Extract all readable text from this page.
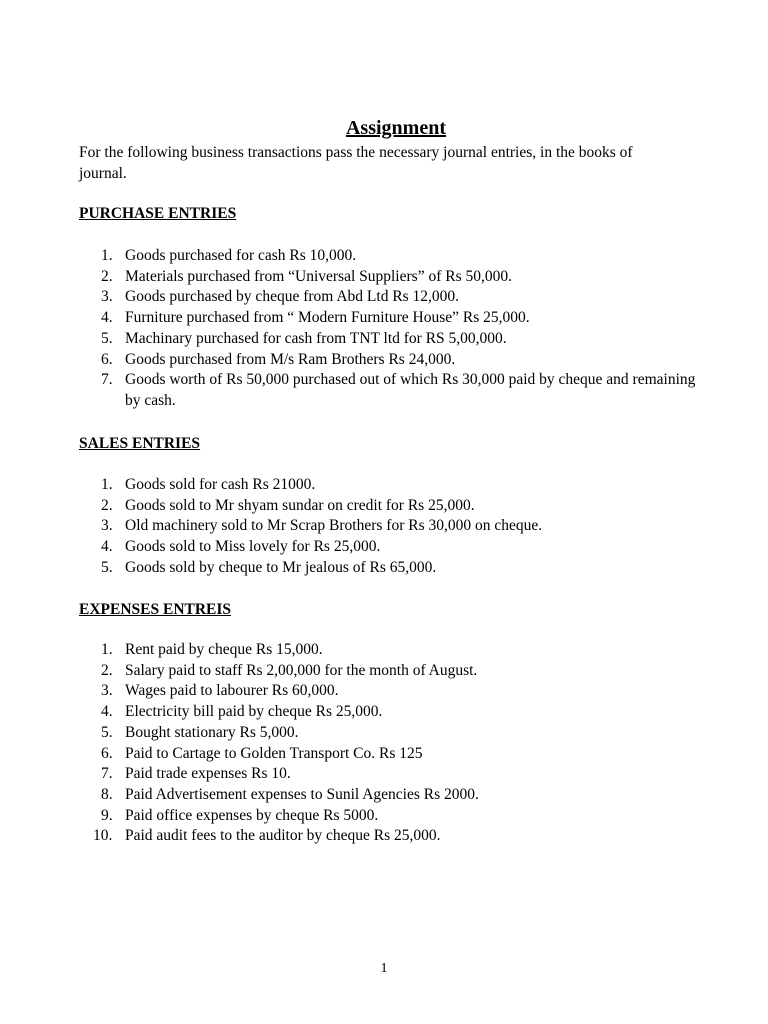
Assignment
For the following business transactions pass the necessary journal entries, in the books of journal.
PURCHASE ENTRIES
1. Goods purchased for cash Rs 10,000.
2. Materials purchased from “Universal Suppliers” of Rs 50,000.
3. Goods purchased by cheque from Abd Ltd Rs 12,000.
4. Furniture purchased from “ Modern Furniture House” Rs 25,000.
5. Machinary purchased for cash from TNT ltd for RS 5,00,000.
6. Goods purchased from M/s Ram Brothers Rs 24,000.
7. Goods worth of Rs 50,000 purchased out of which Rs 30,000 paid by cheque and remaining by cash.
SALES ENTRIES
1. Goods sold for cash Rs 21000.
2. Goods sold to Mr shyam sundar on credit for Rs 25,000.
3. Old machinery sold to Mr Scrap Brothers for Rs 30,000 on cheque.
4. Goods sold to Miss lovely for Rs 25,000.
5. Goods sold by cheque to Mr jealous of Rs 65,000.
EXPENSES ENTREIS
1. Rent paid by cheque Rs 15,000.
2. Salary paid to staff Rs 2,00,000 for the month of August.
3. Wages paid to labourer Rs 60,000.
4. Electricity bill paid by cheque Rs 25,000.
5. Bought stationary Rs 5,000.
6. Paid to Cartage to Golden Transport Co. Rs 125
7. Paid trade expenses Rs 10.
8. Paid Advertisement expenses to Sunil Agencies Rs 2000.
9. Paid office expenses by cheque Rs 5000.
10. Paid audit fees to the auditor by cheque Rs 25,000.
1
